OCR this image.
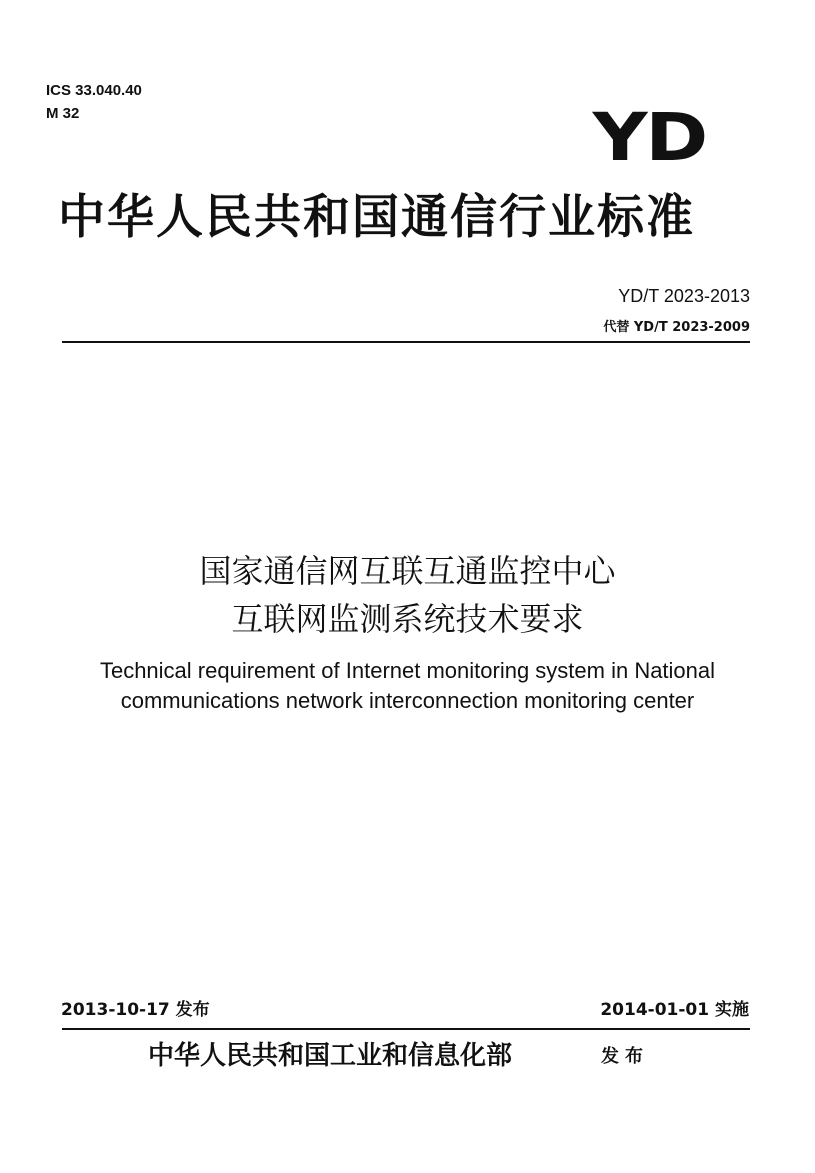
ICS 33.040.40
M 32	YD
中华人民共和国通信行业标准
YD/T 2023-2013
代替 YD/T 2023-2009
国家通信网互联互通监控中心
互联网监测系统技术要求
Technical requirement of Internet monitoring system in National
communications network interconnection monitoring center
2013-10-17 发布	2014-01-01 实施
中华人民共和国工业和信息化部	发布
